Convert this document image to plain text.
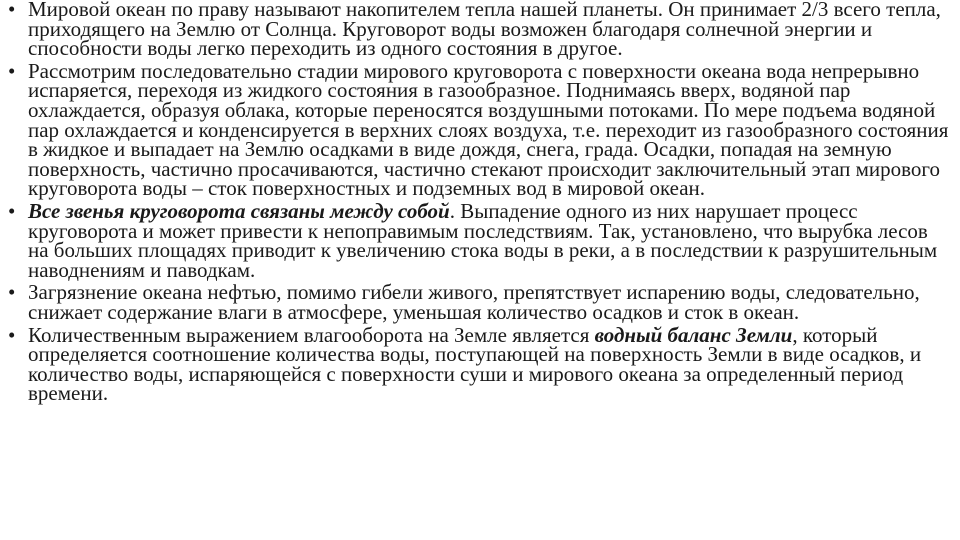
• Мировой океан по праву называют накопителем тепла нашей планеты. Он принимает 2/3 всего тепла, приходящего на Землю от Солнца. Круговорот воды возможен благодаря солнечной энергии и способности воды легко переходить из одного состояния в другое.
• Рассмотрим последовательно стадии мирового круговорота с поверхности океана вода непрерывно испаряется, переходя из жидкого состояния в газообразное. Поднимаясь вверх, водяной пар охлаждается, образуя облака, которые переносятся воздушными потоками. По мере подъема водяной пар охлаждается и конденсируется в верхних слоях воздуха, т.е. переходит из газообразного состояния в жидкое и выпадает на Землю осадками в виде дождя, снега, града. Осадки, попадая на земную поверхность, частично просачиваются, частично стекают происходит заключительный этап мирового круговорота воды – сток поверхностных и подземных вод в мировой океан.
• Все звенья круговорота связаны между собой. Выпадение одного из них нарушает процесс круговорота и может привести к непоправимым последствиям. Так, установлено, что вырубка лесов на больших площадях приводит к увеличению стока воды в реки, а в последствии к разрушительным наводнениям и паводкам.
• Загрязнение океана нефтью, помимо гибели живого, препятствует испарению воды, следовательно, снижает содержание влаги в атмосфере, уменьшая количество осадков и сток в океан.
• Количественным выражением влагооборота на Земле является водный баланс Земли, который определяется соотношение количества воды, поступающей на поверхность Земли в виде осадков, и количество воды, испаряющейся с поверхности суши и мирового океана за определенный период времени.
